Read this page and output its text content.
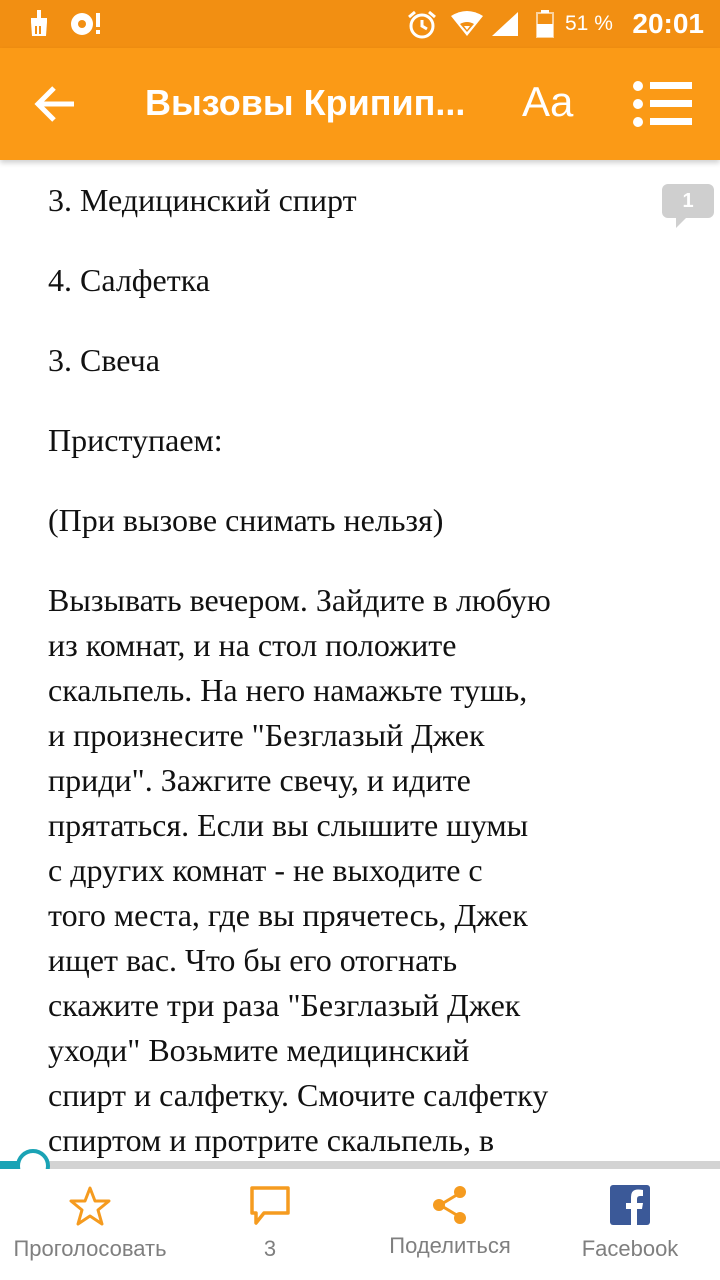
51 % 20:01
Вызовы Крипип...	Aa

3. Медицинский спирт

4. Салфетка

3. Свеча

Приступаем:

(При вызове снимать нельзя)

Вызывать вечером. Зайдите в любую

из комнат, и на стол положите

скальпель. На него намажьте тушь,

и произнесите "Безглазый Джек

приди". Зажгите свечу, и идите

прятаться. Если вы слышите шумы

с других комнат - не выходите с

того места, где вы прячетесь, Джек

ищет вас. Что бы его отогнать

скажите три раза "Безглазый Джек

уходи" Возьмите медицинский

спирт и салфетку. Смочите салфетку

спиртом и протрите скальпель, в

1
Проголосовать	3	Поделиться	Facebook
